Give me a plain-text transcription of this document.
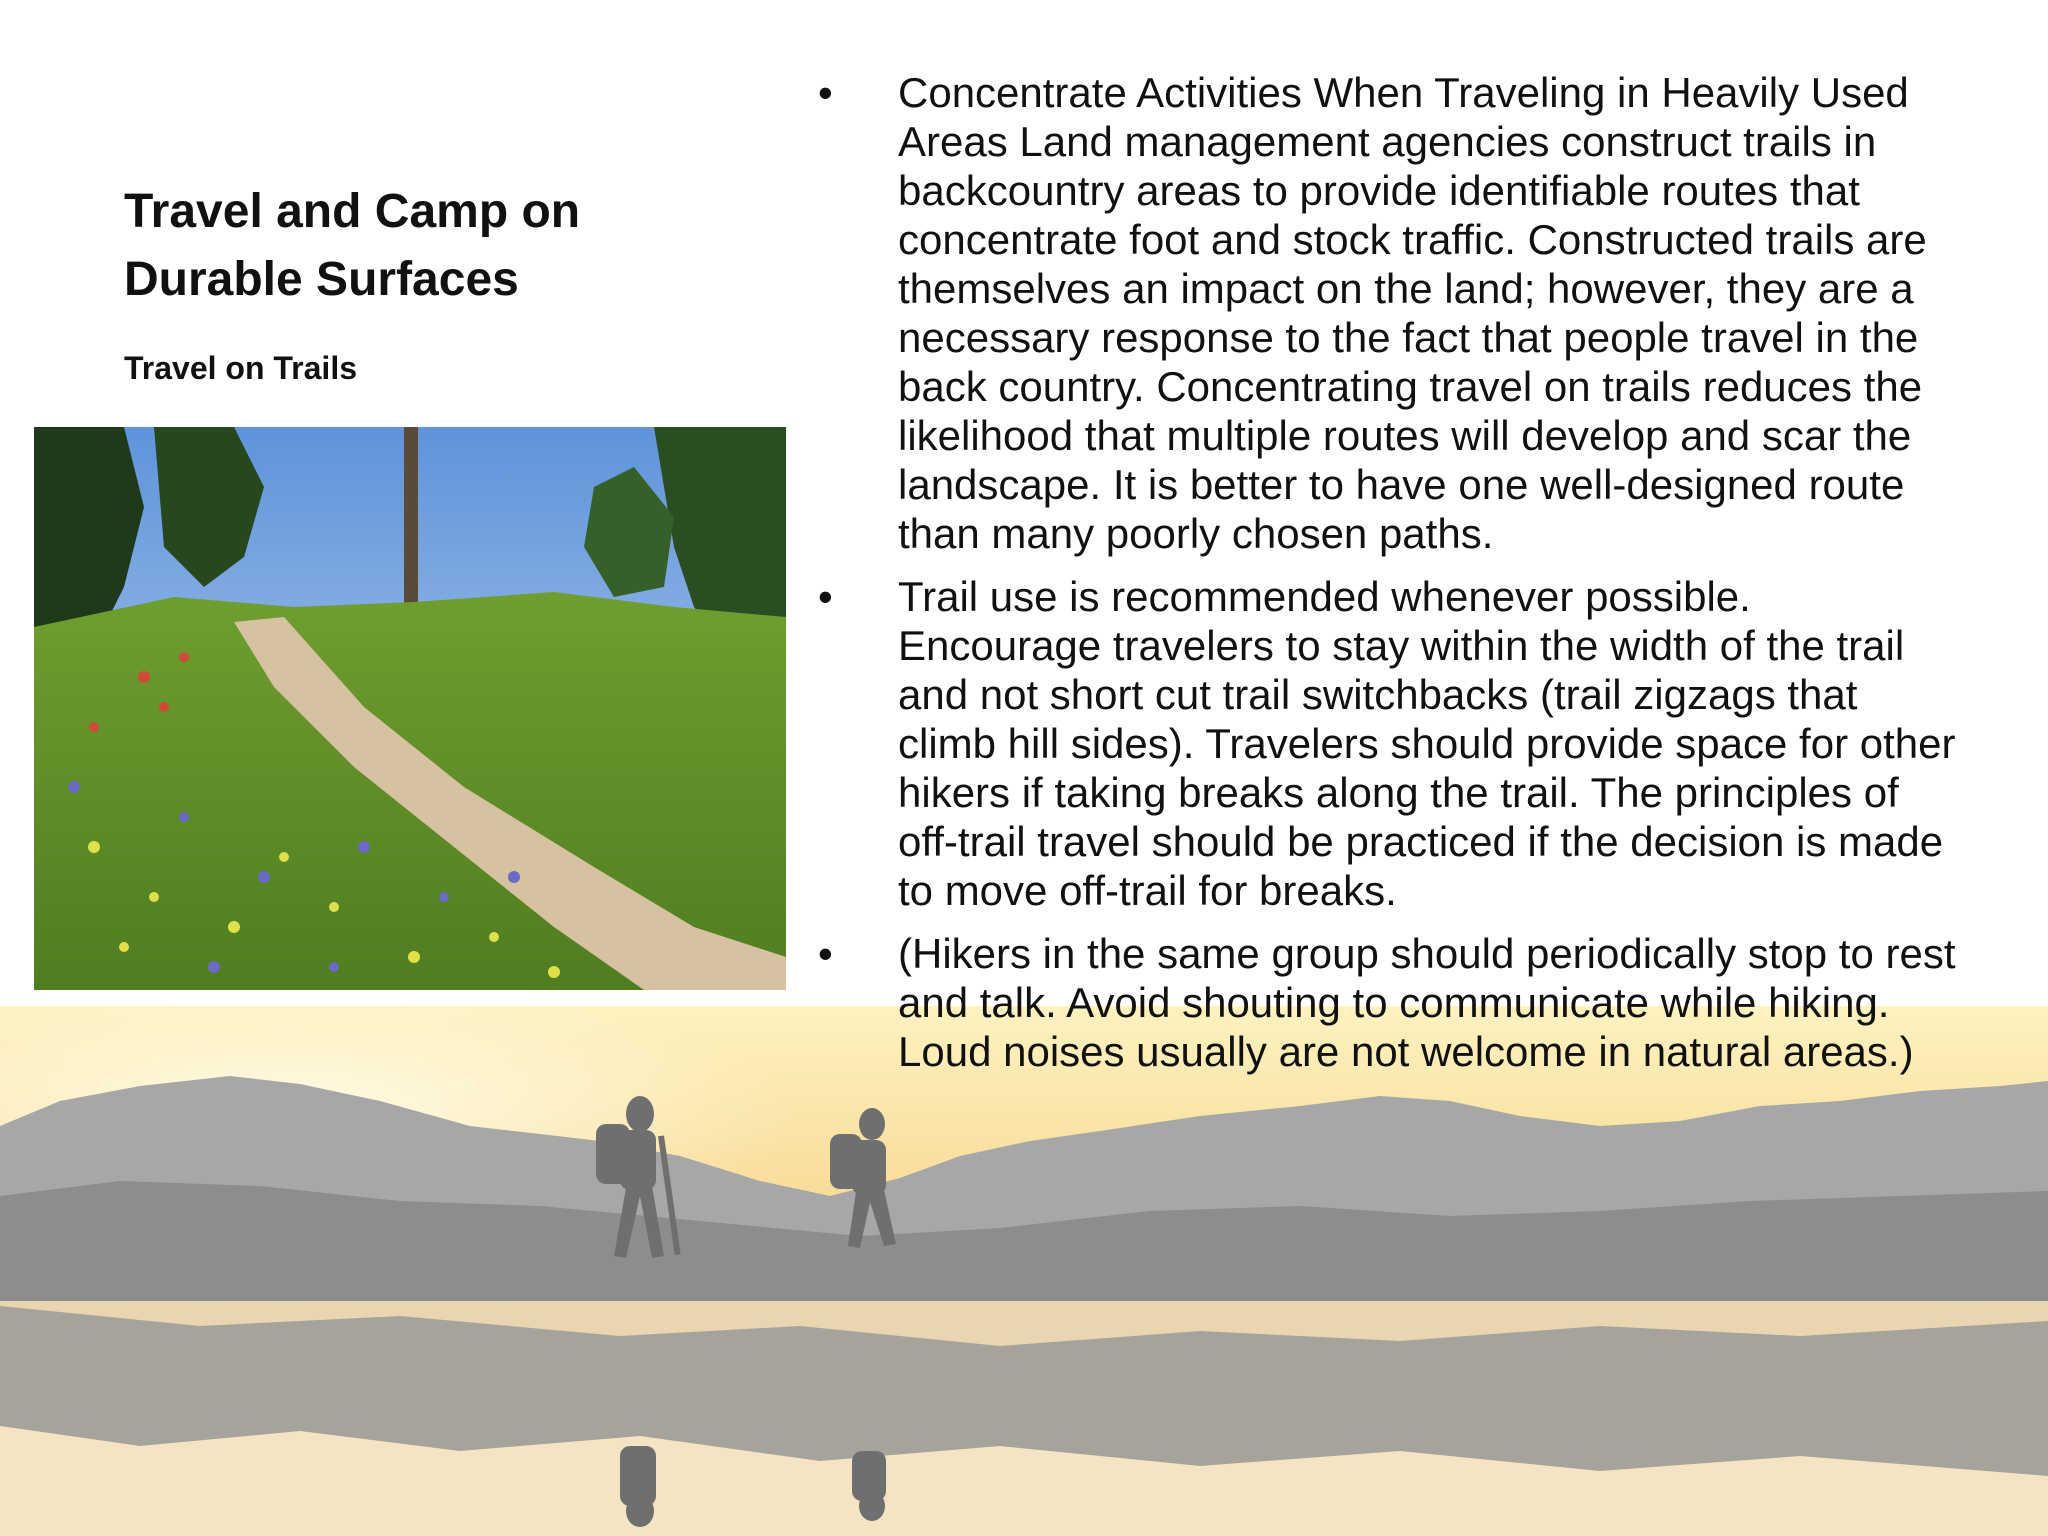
Travel and Camp on Durable Surfaces
Travel on Trails
• Concentrate Activities When Traveling in Heavily Used Areas Land management agencies construct trails in backcountry areas to provide identifiable routes that concentrate foot and stock traffic. Constructed trails are themselves an impact on the land; however, they are a necessary response to the fact that people travel in the back country. Concentrating travel on trails reduces the likelihood that multiple routes will develop and scar the landscape. It is better to have one well-designed route than many poorly chosen paths.
• Trail use is recommended whenever possible. Encourage travelers to stay within the width of the trail and not short cut trail switchbacks (trail zigzags that climb hill sides). Travelers should provide space for other hikers if taking breaks along the trail. The principles of off-trail travel should be practiced if the decision is made to move off-trail for breaks.
• (Hikers in the same group should periodically stop to rest and talk. Avoid shouting to communicate while hiking. Loud noises usually are not welcome in natural areas.)
